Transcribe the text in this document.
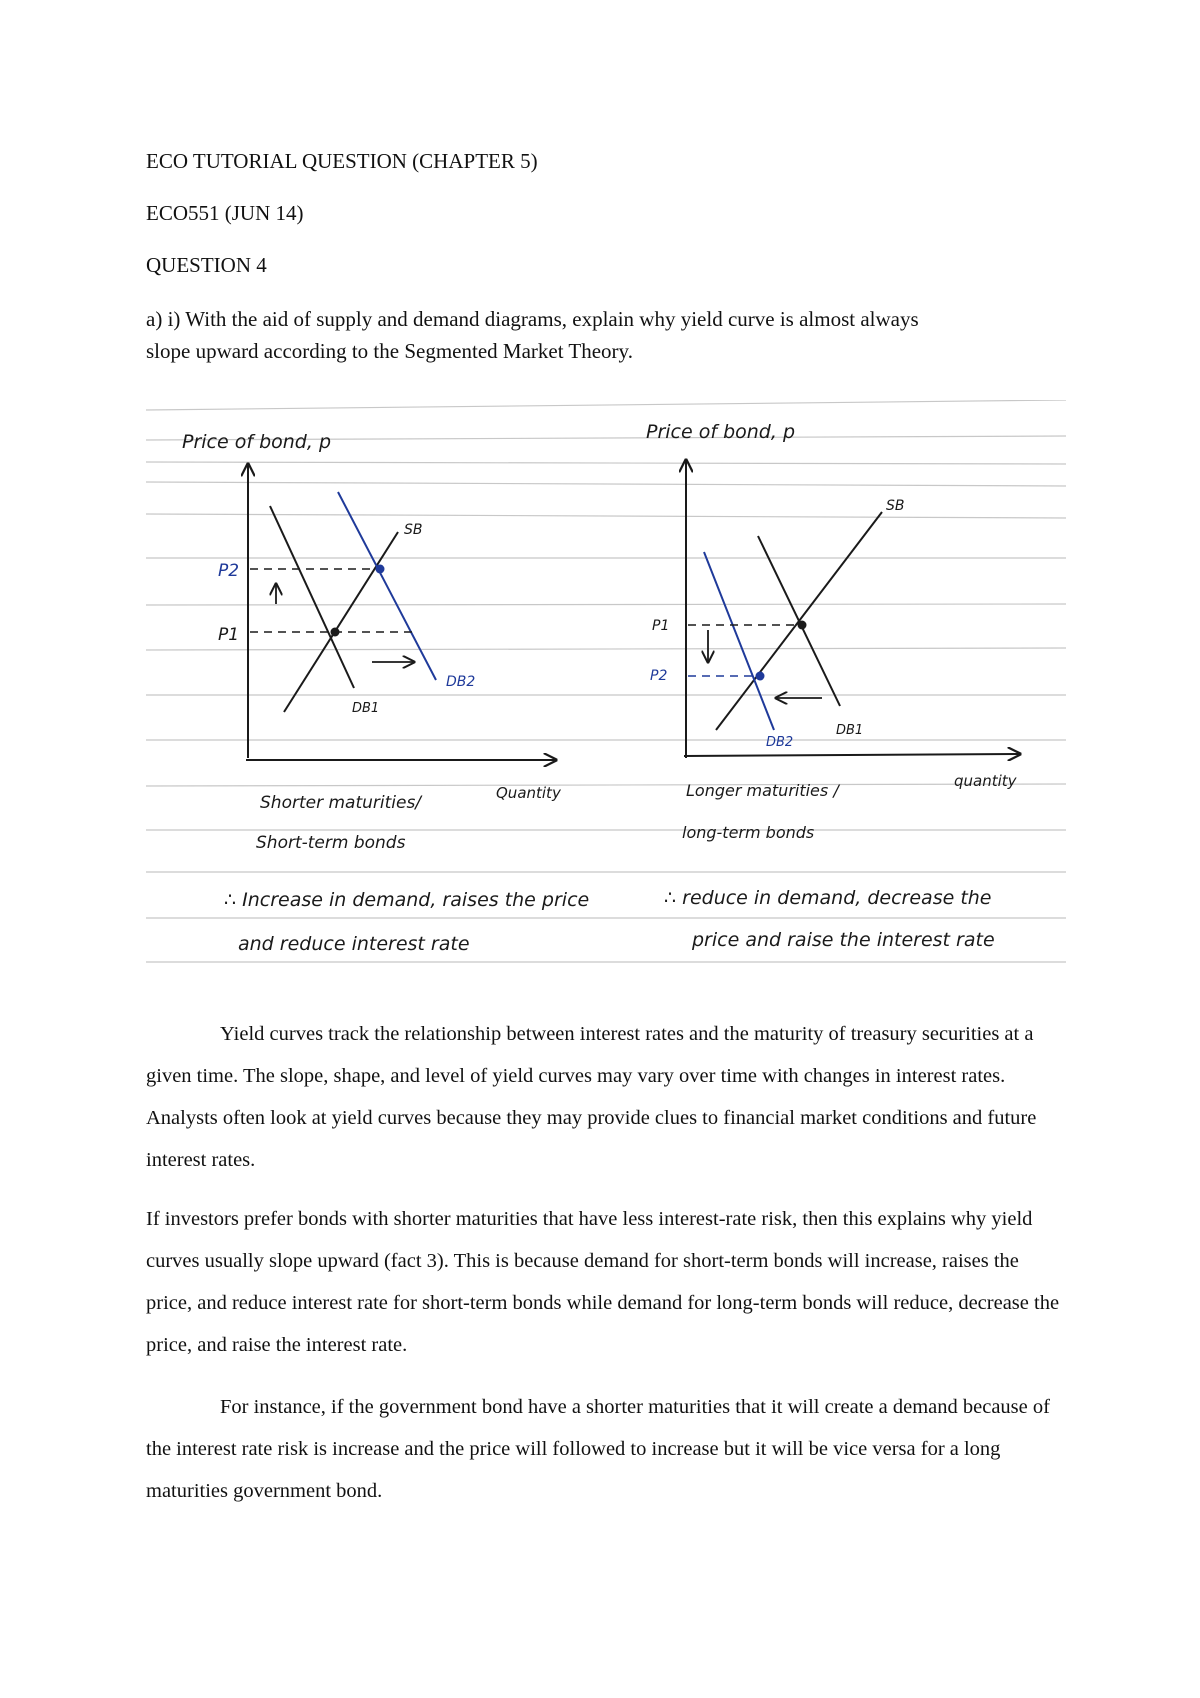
ECO TUTORIAL QUESTION (CHAPTER 5)

ECO551 (JUN 14)

QUESTION 4

a) i) With the aid of supply and demand diagrams, explain why yield curve is almost always

slope upward according to the Segmented Market Theory.

Price of bond, p
SB
DB1
DB2
P2
P1
Quantity
Shorter maturities/
Short-term bonds
∴ Increase in demand, raises the price
and reduce interest rate
Price of bond, p
SB
DB1
DB2
P1
P2
quantity
Longer maturities /
long-term bonds
∴ reduce in demand, decrease the
price and raise the interest rate

Yield curves track the relationship between interest rates and the maturity of treasury securities at a given time. The slope, shape, and level of yield curves may vary over time with changes in interest rates. Analysts often look at yield curves because they may provide clues to financial market conditions and future interest rates.

If investors prefer bonds with shorter maturities that have less interest-rate risk, then this explains why yield curves usually slope upward (fact 3). This is because demand for short-term bonds will increase, raises the price, and reduce interest rate for short-term bonds while demand for long-term bonds will reduce, decrease the price, and raise the interest rate.

For instance, if the government bond have a shorter maturities that it will create a demand because of the interest rate risk is increase and the price will followed to increase but it will be vice versa for a long maturities government bond.
